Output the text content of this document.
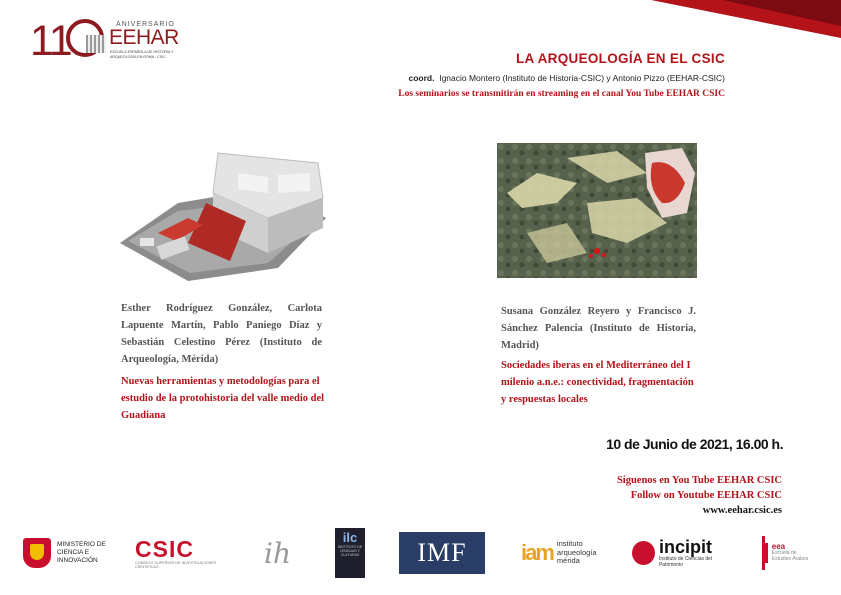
11	ANIVERSARIO
EEHAR
ESCUELA ESPAÑOLA DE HISTORIA Y ARQUEOLOGÍA EN ROMA - CSIC	LA ARQUEOLOGÍA EN EL CSIC
coord. Ignacio Montero (Instituto de Historia-CSIC) y Antonio Pizzo (EEHAR-CSIC)
Los seminarios se transmitirán en streaming en el canal You Tube EEHAR CSIC
Esther Rodríguez González, Carlota Lapuente Martín, Pablo Paniego Díaz y Sebastián Celestino Pérez (Instituto de Arqueología, Mérida)
Nuevas herramientas y metodologías para el estudio de la protohistoria del valle medio del Guadiana
Susana González Reyero y Francisco J. Sánchez Palencia (Instituto de Historia, Madrid)
Sociedades iberas en el Mediterráneo del I milenio a.n.e.: conectividad, fragmentación y respuestas locales
10 de Junio de 2021, 16.00 h.
Síguenos en You Tube EEHAR CSIC
Follow on Youtube EEHAR CSIC
www.eehar.csic.es
MINISTERIO DE CIENCIA E INNOVACIÓN	CSIC
CONSEJO SUPERIOR DE INVESTIGACIONES CIENTÍFICAS	ih	ilc
INSTITUTO DE LENGUAS Y CULTURAS IMF iam instituto arqueología mérida
incipit
Instituto de Ciencias del Patrimonio
eea
Escuela de Estudios Árabes
